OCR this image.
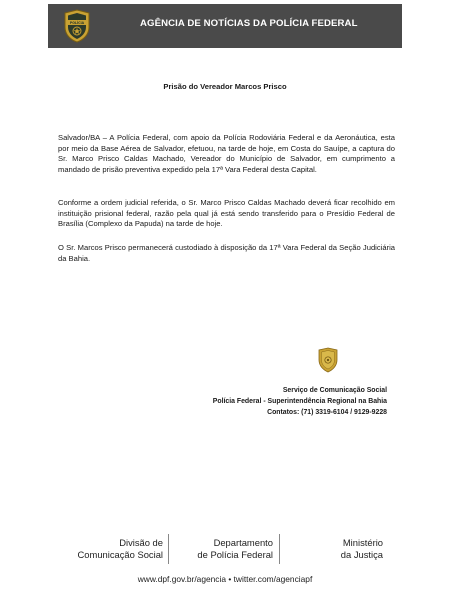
POLÍCIA	AGÊNCIA DE NOTÍCIAS DA POLÍCIA FEDERAL
Prisão do Vereador Marcos Prisco

Salvador/BA – A Polícia Federal, com apoio da Polícia Rodoviária Federal e da Aeronáutica, esta por meio da Base Aérea de Salvador, efetuou, na tarde de hoje, em Costa do Sauípe, a captura do Sr. Marco Prisco Caldas Machado, Vereador do Município de Salvador, em cumprimento a mandado de prisão preventiva expedido pela 17ª Vara Federal desta Capital.

Conforme a ordem judicial referida, o Sr. Marco Prisco Caldas Machado deverá ficar recolhido em instituição prisional federal, razão pela qual já está sendo transferido para o Presídio Federal de Brasília (Complexo da Papuda) na tarde de hoje.

O Sr. Marcos Prisco permanecerá custodiado à disposição da 17ª Vara Federal da Seção Judiciária da Bahia.

Serviço de Comunicação Social
Polícia Federal - Superintendência Regional na Bahia
Contatos: (71) 3319-6104 / 9129-9228
Divisão de
Comunicação Social
Departamento
de Polícia Federal
Ministério
da Justiça
www.dpf.gov.br/agencia • twitter.com/agenciapf
